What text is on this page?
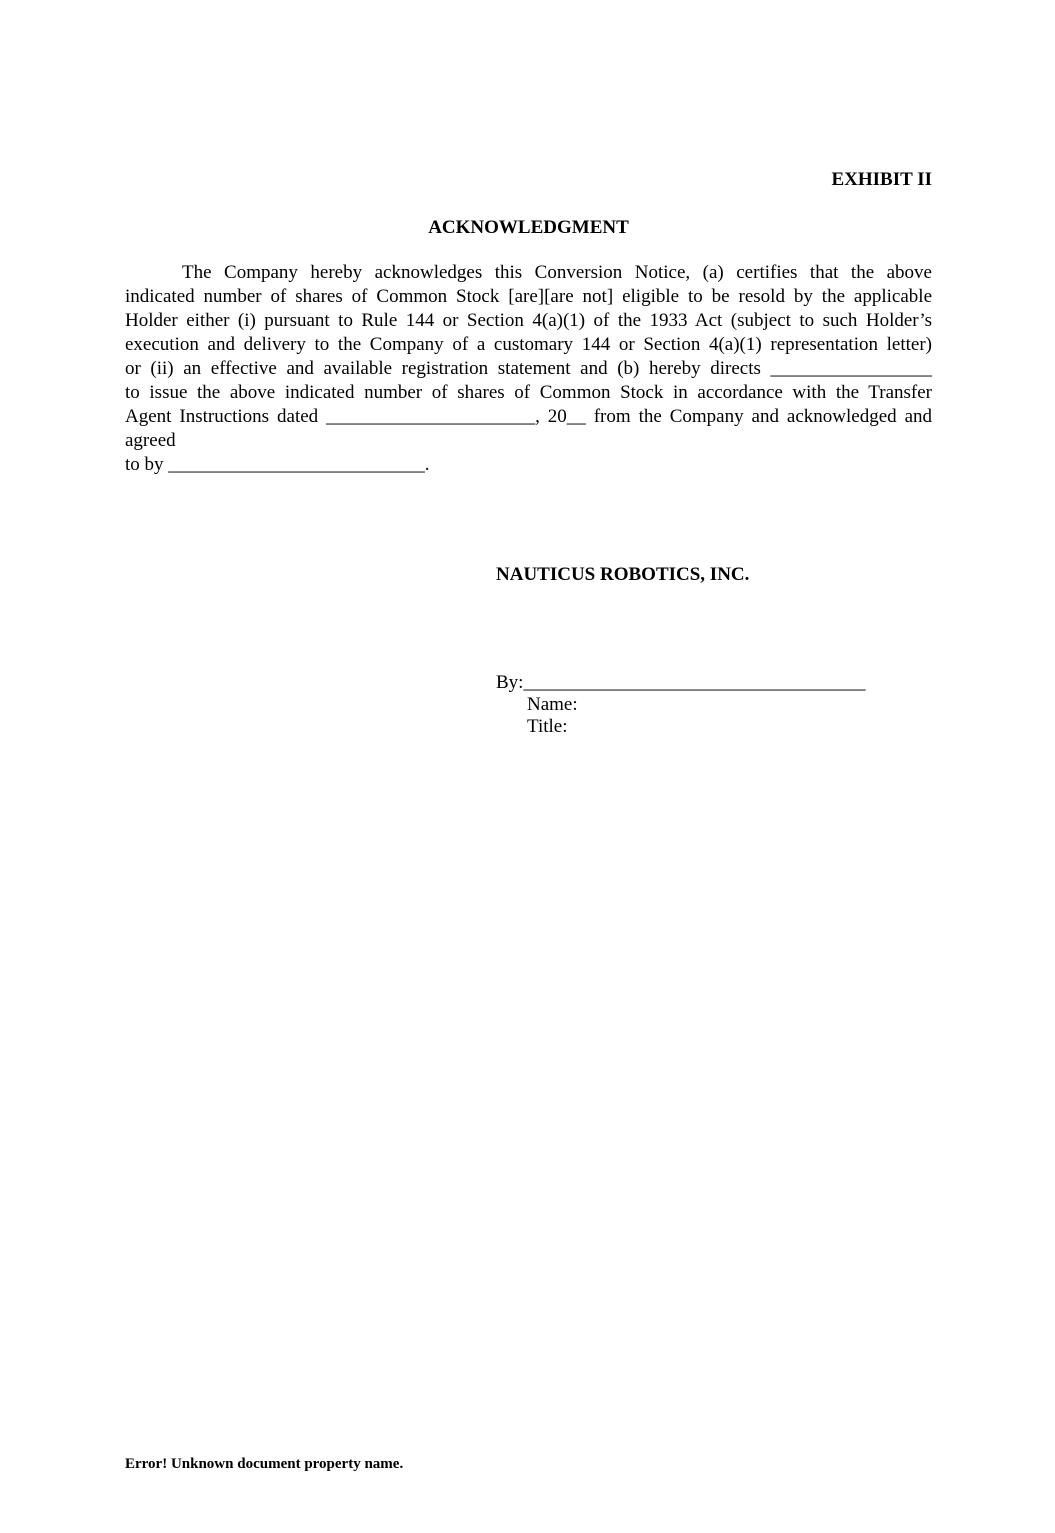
EXHIBIT II
ACKNOWLEDGMENT
The Company hereby acknowledges this Conversion Notice, (a) certifies that the above
indicated number of shares of Common Stock [are][are not] eligible to be resold by the applicable
Holder either (i) pursuant to Rule 144 or Section 4(a)(1) of the 1933 Act (subject to such Holder’s
execution and delivery to the Company of a customary 144 or Section 4(a)(1) representation letter)
or (ii) an effective and available registration statement and (b) hereby directs _________________
to issue the above indicated number of shares of Common Stock in accordance with the Transfer
Agent Instructions dated ______________________, 20__ from the Company and acknowledged and agreed
to by ___________________________.
NAUTICUS ROBOTICS, INC.
By:____________________________________
Name:
Title:
Error! Unknown document property name.
